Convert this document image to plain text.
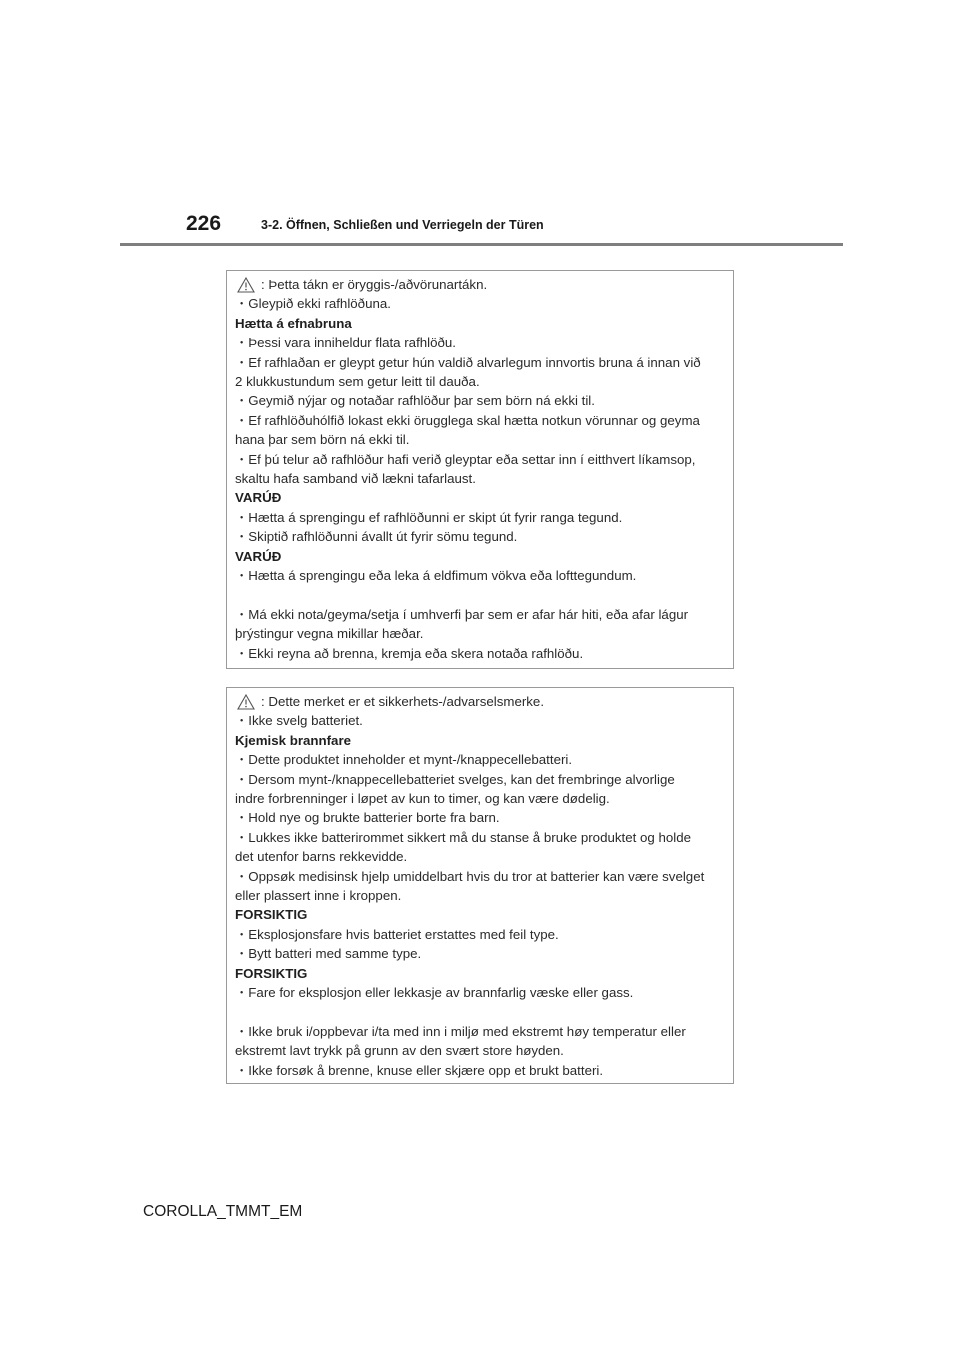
226	3-2. Öffnen, Schließen und Verriegeln der Türen
: Þetta tákn er öryggis-/aðvörunartákn.
・Gleypið ekki rafhlöðuna.
Hætta á efnabruna
・Þessi vara inniheldur flata rafhlöðu.
・Ef rafhlaðan er gleypt getur hún valdið alvarlegum innvortis bruna á innan við
2 klukkustundum sem getur leitt til dauða.
・Geymið nýjar og notaðar rafhlöður þar sem börn ná ekki til.
・Ef rafhlöðuhólfið lokast ekki örugglega skal hætta notkun vörunnar og geyma
hana þar sem börn ná ekki til.
・Ef þú telur að rafhlöður hafi verið gleyptar eða settar inn í eitthvert líkamsop,
skaltu hafa samband við lækni tafarlaust.
VARÚÐ
・Hætta á sprengingu ef rafhlöðunni er skipt út fyrir ranga tegund.
・Skiptið rafhlöðunni ávallt út fyrir sömu tegund.
VARÚÐ
・Hætta á sprengingu eða leka á eldfimum vökva eða lofttegundum.
・Má ekki nota/geyma/setja í umhverfi þar sem er afar hár hiti, eða afar lágur
þrýstingur vegna mikillar hæðar.
・Ekki reyna að brenna, kremja eða skera notaða rafhlöðu.
: Dette merket er et sikkerhets-/advarselsmerke.
・Ikke svelg batteriet.
Kjemisk brannfare
・Dette produktet inneholder et mynt-/knappecellebatteri.
・Dersom mynt-/knappecellebatteriet svelges, kan det frembringe alvorlige
indre forbrenninger i løpet av kun to timer, og kan være dødelig.
・Hold nye og brukte batterier borte fra barn.
・Lukkes ikke batterirommet sikkert må du stanse å bruke produktet og holde
det utenfor barns rekkevidde.
・Oppsøk medisinsk hjelp umiddelbart hvis du tror at batterier kan være svelget
eller plassert inne i kroppen.
FORSIKTIG
・Eksplosjonsfare hvis batteriet erstattes med feil type.
・Bytt batteri med samme type.
FORSIKTIG
・Fare for eksplosjon eller lekkasje av brannfarlig væske eller gass.
・Ikke bruk i/oppbevar i/ta med inn i miljø med ekstremt høy temperatur eller
ekstremt lavt trykk på grunn av den svært store høyden.
・Ikke forsøk å brenne, knuse eller skjære opp et brukt batteri.
COROLLA_TMMT_EM
